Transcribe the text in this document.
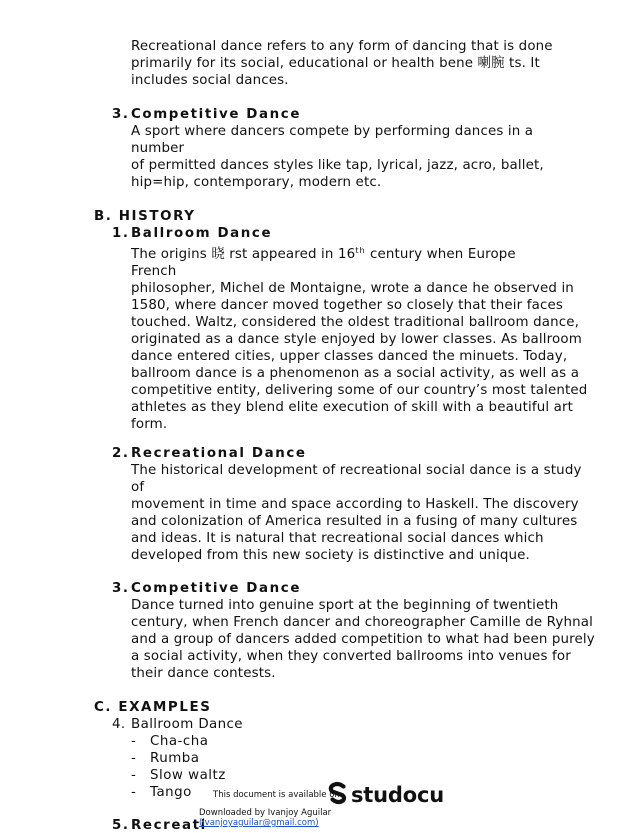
Recreational dance refers to any form of dancing that is done
primarily for its social, educational or health bene 喇腕 ts. It
includes social dances.
3. Competitive Dance
A sport where dancers compete by performing dances in a
number
of permitted dances styles like tap, lyrical, jazz, acro, ballet,
hip=hip, contemporary, modern etc.
B. HISTORY
1. Ballroom Dance
The origins 晓 rst appeared in 16th century when Europe
French
philosopher, Michel de Montaigne, wrote a dance he observed in
1580, where dancer moved together so closely that their faces
touched. Waltz, considered the oldest traditional ballroom dance,
originated as a dance style enjoyed by lower classes. As ballroom
dance entered cities, upper classes danced the minuets. Today,
ballroom dance is a phenomenon as a social activity, as well as a
competitive entity, delivering some of our country’s most talented
athletes as they blend elite execution of skill with a beautiful art
form.
2. Recreational Dance
The historical development of recreational social dance is a study
of
movement in time and space according to Haskell. The discovery
and colonization of America resulted in a fusing of many cultures
and ideas. It is natural that recreational social dances which
developed from this new society is distinctive and unique.
3. Competitive Dance
Dance turned into genuine sport at the beginning of twentieth
century, when French dancer and choreographer Camille de Ryhnal
and a group of dancers added competition to what had been purely
a social activity, when they converted ballrooms into venues for
their dance contests.
C. EXAMPLES
4. Ballroom Dance
- Cha-cha
- Rumba
- Slow waltz
- Tango
5. Recreati
This document is available on studocu
Downloaded by Ivanjoy Aguilar
(ivanjoyaguilar@gmail.com)
